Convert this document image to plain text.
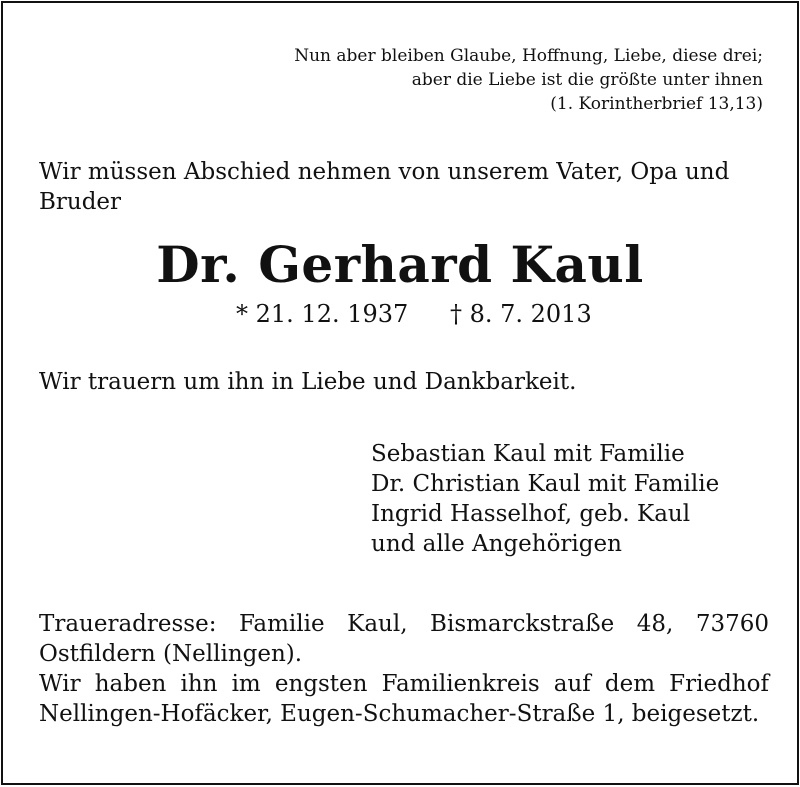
Nun aber bleiben Glaube, Hoffnung, Liebe, diese drei;
aber die Liebe ist die größte unter ihnen
(1. Korintherbrief 13,13)
Wir müssen Abschied nehmen von unserem Vater, Opa und Bruder
Dr. Gerhard Kaul
* 21. 12. 1937 † 8. 7. 2013
Wir trauern um ihn in Liebe und Dankbarkeit.
Sebastian Kaul mit Familie
Dr. Christian Kaul mit Familie
Ingrid Hasselhof, geb. Kaul
und alle Angehörigen

Traueradresse: Familie Kaul, Bismarckstraße 48, 73760 Ostfildern (Nellingen).

Wir haben ihn im engsten Familienkreis auf dem Friedhof Nellingen-Hofäcker, Eugen-Schumacher-Straße 1, beigesetzt.
